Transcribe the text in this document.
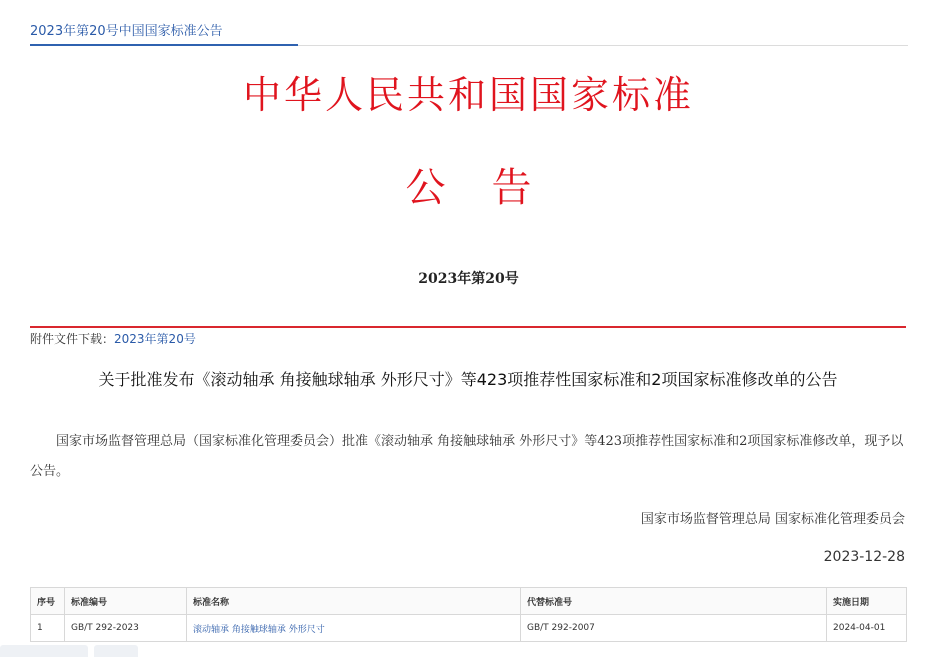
2023年第20号中国国家标准公告
中华人民共和国国家标准
公告
2023年第20号
附件文件下载：2023年第20号
关于批准发布《滚动轴承 角接触球轴承 外形尺寸》等423项推荐性国家标准和2项国家标准修改单的公告
国家市场监督管理总局（国家标准化管理委员会）批准《滚动轴承 角接触球轴承 外形尺寸》等423项推荐性国家标准和2项国家标准修改单，现予以公告。
国家市场监督管理总局 国家标准化管理委员会
2023-12-28
序号	标准编号	标准名称	代替标准号	实施日期
1	GB/T 292-2023	滚动轴承 角接触球轴承 外形尺寸	GB/T 292-2007	2024-04-01
